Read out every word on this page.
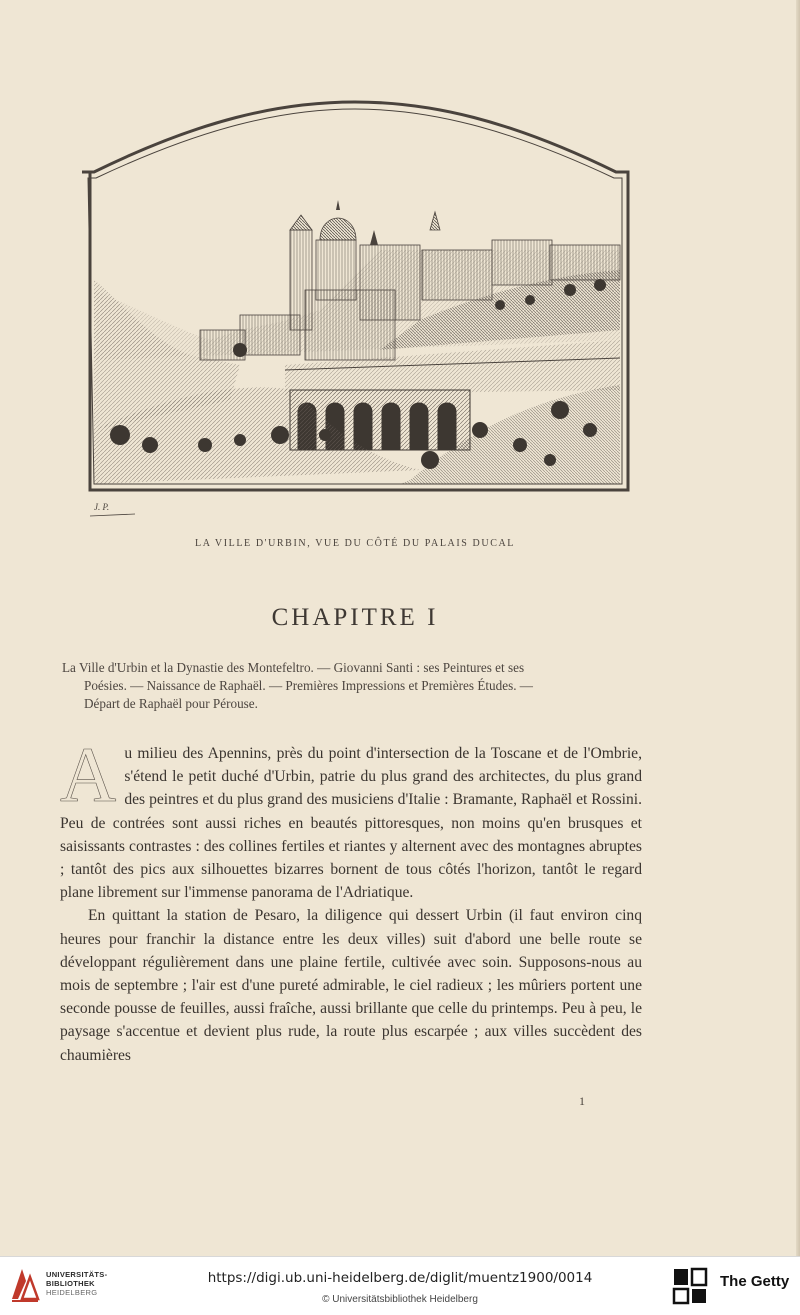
J. P.
LA VILLE D'URBIN, VUE DU CÔTÉ DU PALAIS DUCAL
CHAPITRE I

La Ville d'Urbin et la Dynastie des Montefeltro. — Giovanni Santi : ses Peintures et ses

Poésies. — Naissance de Raphaël. — Premières Impressions et Premières Études. —

Départ de Raphaël pour Pérouse.

Au milieu des Apennins, près du point d'intersection de la Toscane et de l'Ombrie, s'étend le petit duché d'Urbin, patrie du plus grand des architectes, du plus grand des peintres et du plus grand des musiciens d'Italie : Bramante, Raphaël et Rossini. Peu de contrées sont aussi riches en beautés pittoresques, non moins qu'en brusques et saisissants contrastes : des collines fertiles et riantes y alternent avec des montagnes abruptes ; tantôt des pics aux silhouettes bizarres bornent de tous côtés l'horizon, tantôt le regard plane librement sur l'immense panorama de l'Adriatique.

En quittant la station de Pesaro, la diligence qui dessert Urbin (il faut environ cinq heures pour franchir la distance entre les deux villes) suit d'abord une belle route se développant régulièrement dans une plaine fertile, cultivée avec soin. Supposons-nous au mois de septembre ; l'air est d'une pureté admirable, le ciel radieux ; les mûriers portent une seconde pousse de feuilles, aussi fraîche, aussi brillante que celle du printemps. Peu à peu, le paysage s'accentue et devient plus rude, la route plus escarpée ; aux villes succèdent des chaumières

1
UNIVERSITÄTS-
BIBLIOTHEK
HEIDELBERG
https://digi.ub.uni-heidelberg.de/diglit/muentz1900/0014
© Universitätsbibliothek Heidelberg
The Getty
